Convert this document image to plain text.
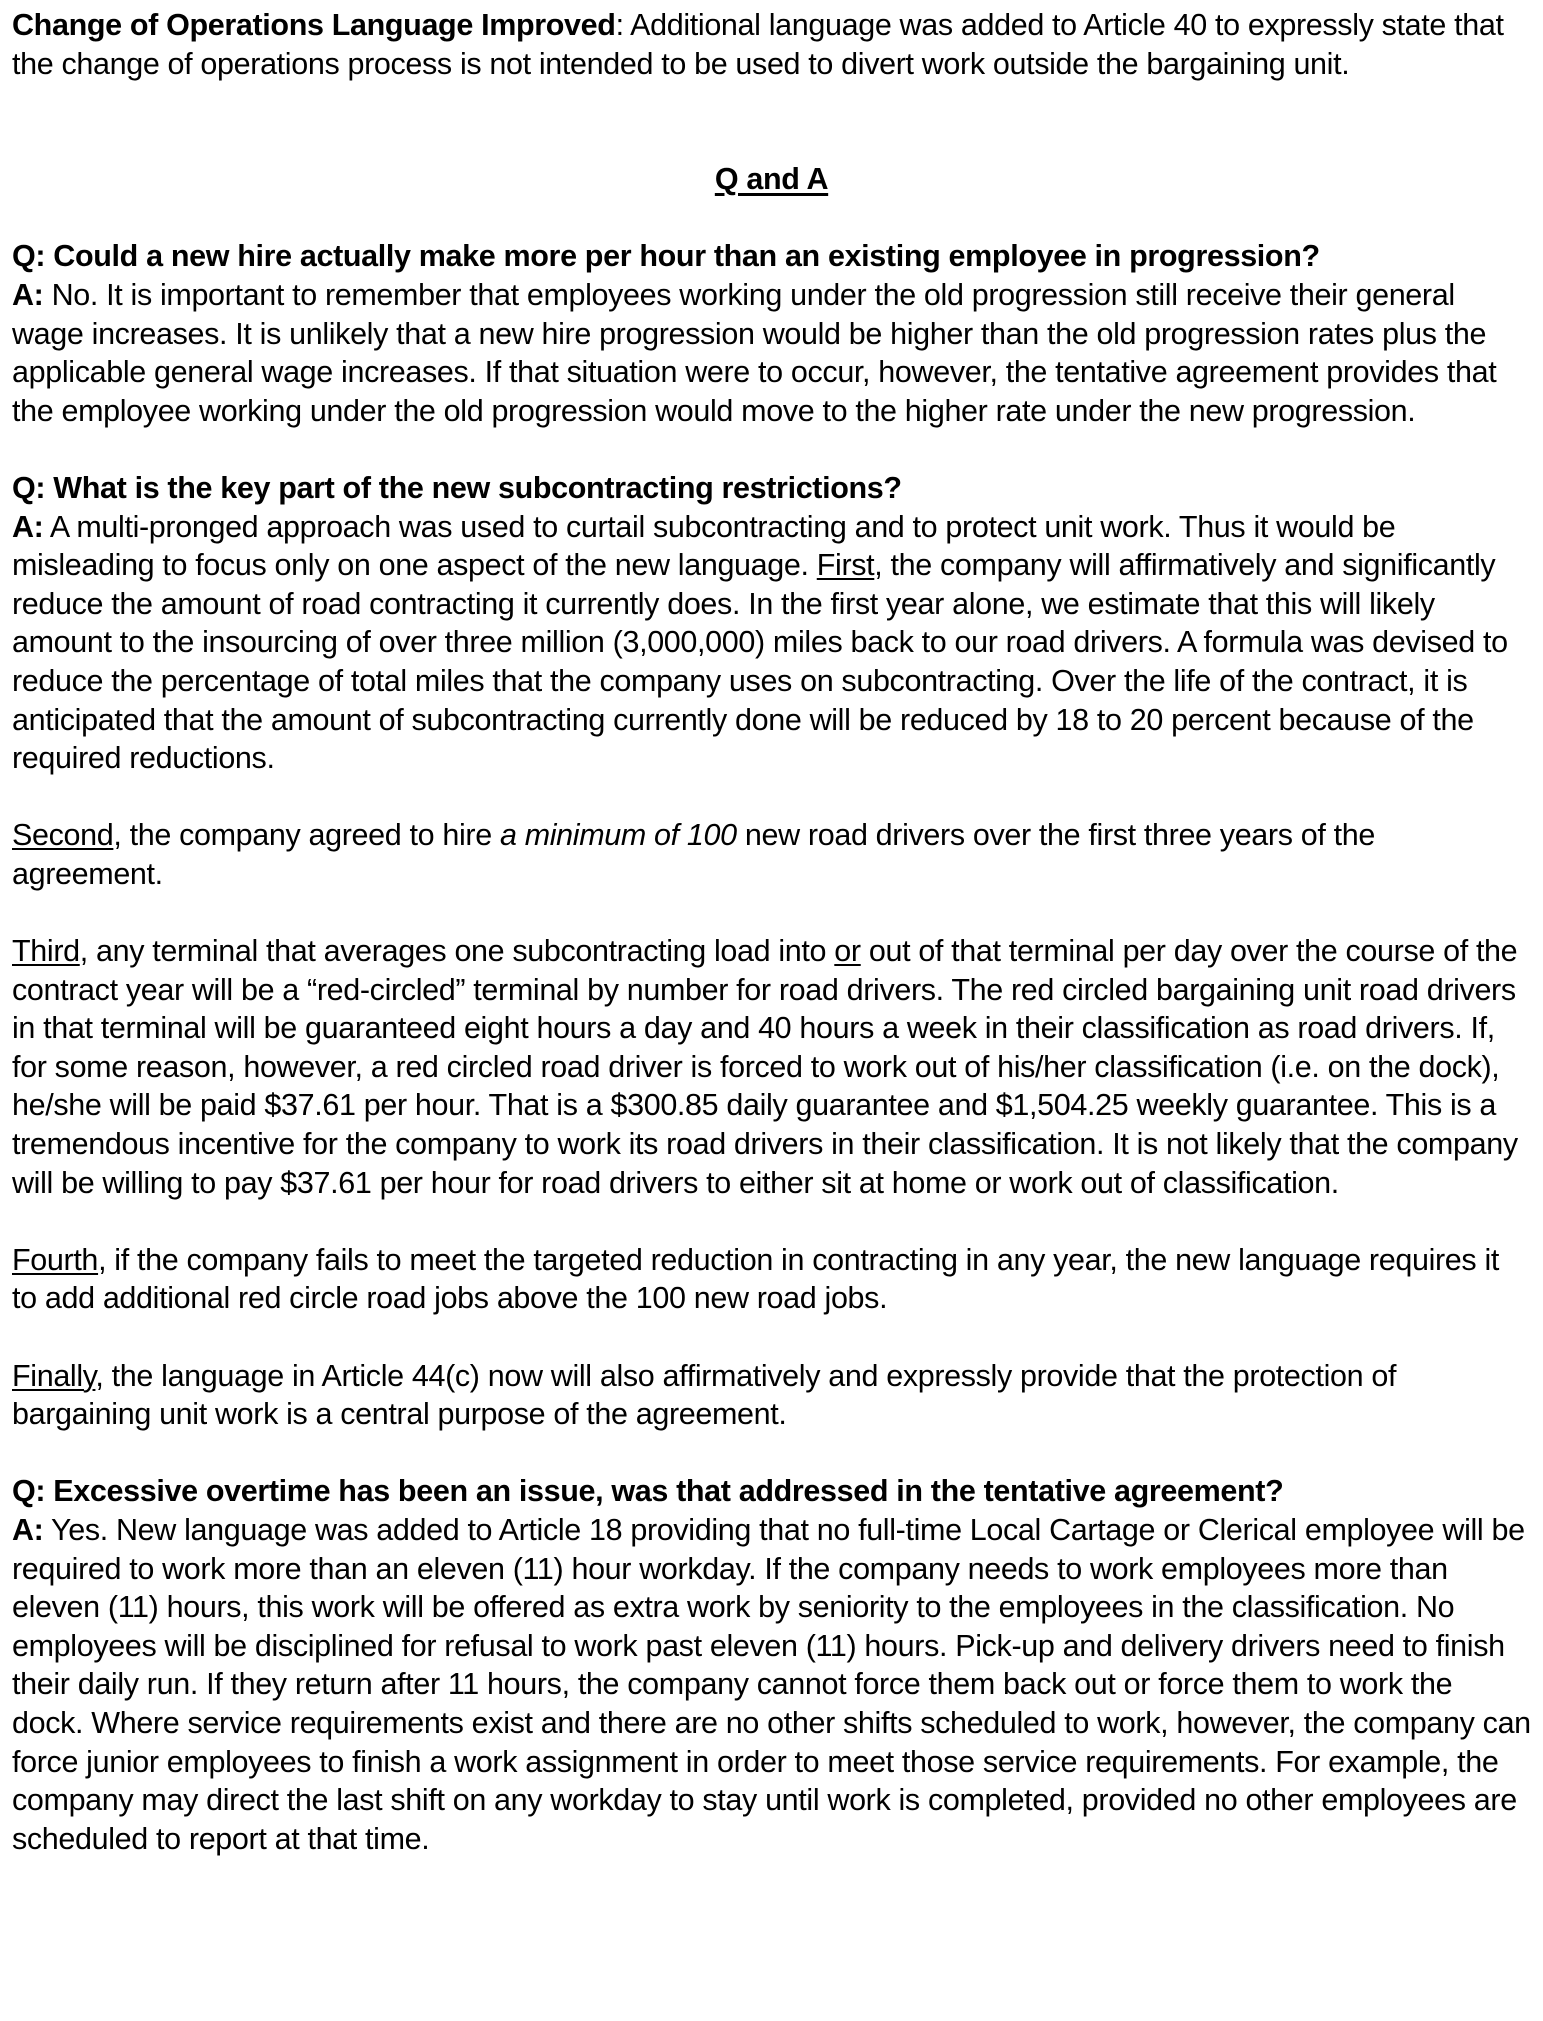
Change of Operations Language Improved: Additional language was added to Article 40 to expressly state that the change of operations process is not intended to be used to divert work outside the bargaining unit.

Q and A

Q: Could a new hire actually make more per hour than an existing employee in progression?

A: No. It is important to remember that employees working under the old progression still receive their general wage increases. It is unlikely that a new hire progression would be higher than the old progression rates plus the applicable general wage increases. If that situation were to occur, however, the tentative agreement provides that the employee working under the old progression would move to the higher rate under the new progression.

Q: What is the key part of the new subcontracting restrictions?

A: A multi-pronged approach was used to curtail subcontracting and to protect unit work. Thus it would be misleading to focus only on one aspect of the new language. First, the company will affirmatively and significantly reduce the amount of road contracting it currently does. In the first year alone, we estimate that this will likely amount to the insourcing of over three million (3,000,000) miles back to our road drivers. A formula was devised to reduce the percentage of total miles that the company uses on subcontracting. Over the life of the contract, it is anticipated that the amount of subcontracting currently done will be reduced by 18 to 20 percent because of the required reductions.

Second, the company agreed to hire a minimum of 100 new road drivers over the first three years of the agreement.

Third, any terminal that averages one subcontracting load into or out of that terminal per day over the course of the contract year will be a “red-circled” terminal by number for road drivers. The red circled bargaining unit road drivers in that terminal will be guaranteed eight hours a day and 40 hours a week in their classification as road drivers. If, for some reason, however, a red circled road driver is forced to work out of his/her classification (i.e. on the dock), he/she will be paid $37.61 per hour. That is a $300.85 daily guarantee and $1,504.25 weekly guarantee. This is a tremendous incentive for the company to work its road drivers in their classification. It is not likely that the company will be willing to pay $37.61 per hour for road drivers to either sit at home or work out of classification.

Fourth, if the company fails to meet the targeted reduction in contracting in any year, the new language requires it to add additional red circle road jobs above the 100 new road jobs.

Finally, the language in Article 44(c) now will also affirmatively and expressly provide that the protection of bargaining unit work is a central purpose of the agreement.

Q: Excessive overtime has been an issue, was that addressed in the tentative agreement?

A: Yes. New language was added to Article 18 providing that no full-time Local Cartage or Clerical employee will be required to work more than an eleven (11) hour workday. If the company needs to work employees more than eleven (11) hours, this work will be offered as extra work by seniority to the employees in the classification. No employees will be disciplined for refusal to work past eleven (11) hours. Pick-up and delivery drivers need to finish their daily run. If they return after 11 hours, the company cannot force them back out or force them to work the dock. Where service requirements exist and there are no other shifts scheduled to work, however, the company can force junior employees to finish a work assignment in order to meet those service requirements. For example, the company may direct the last shift on any workday to stay until work is completed, provided no other employees are scheduled to report at that time.
